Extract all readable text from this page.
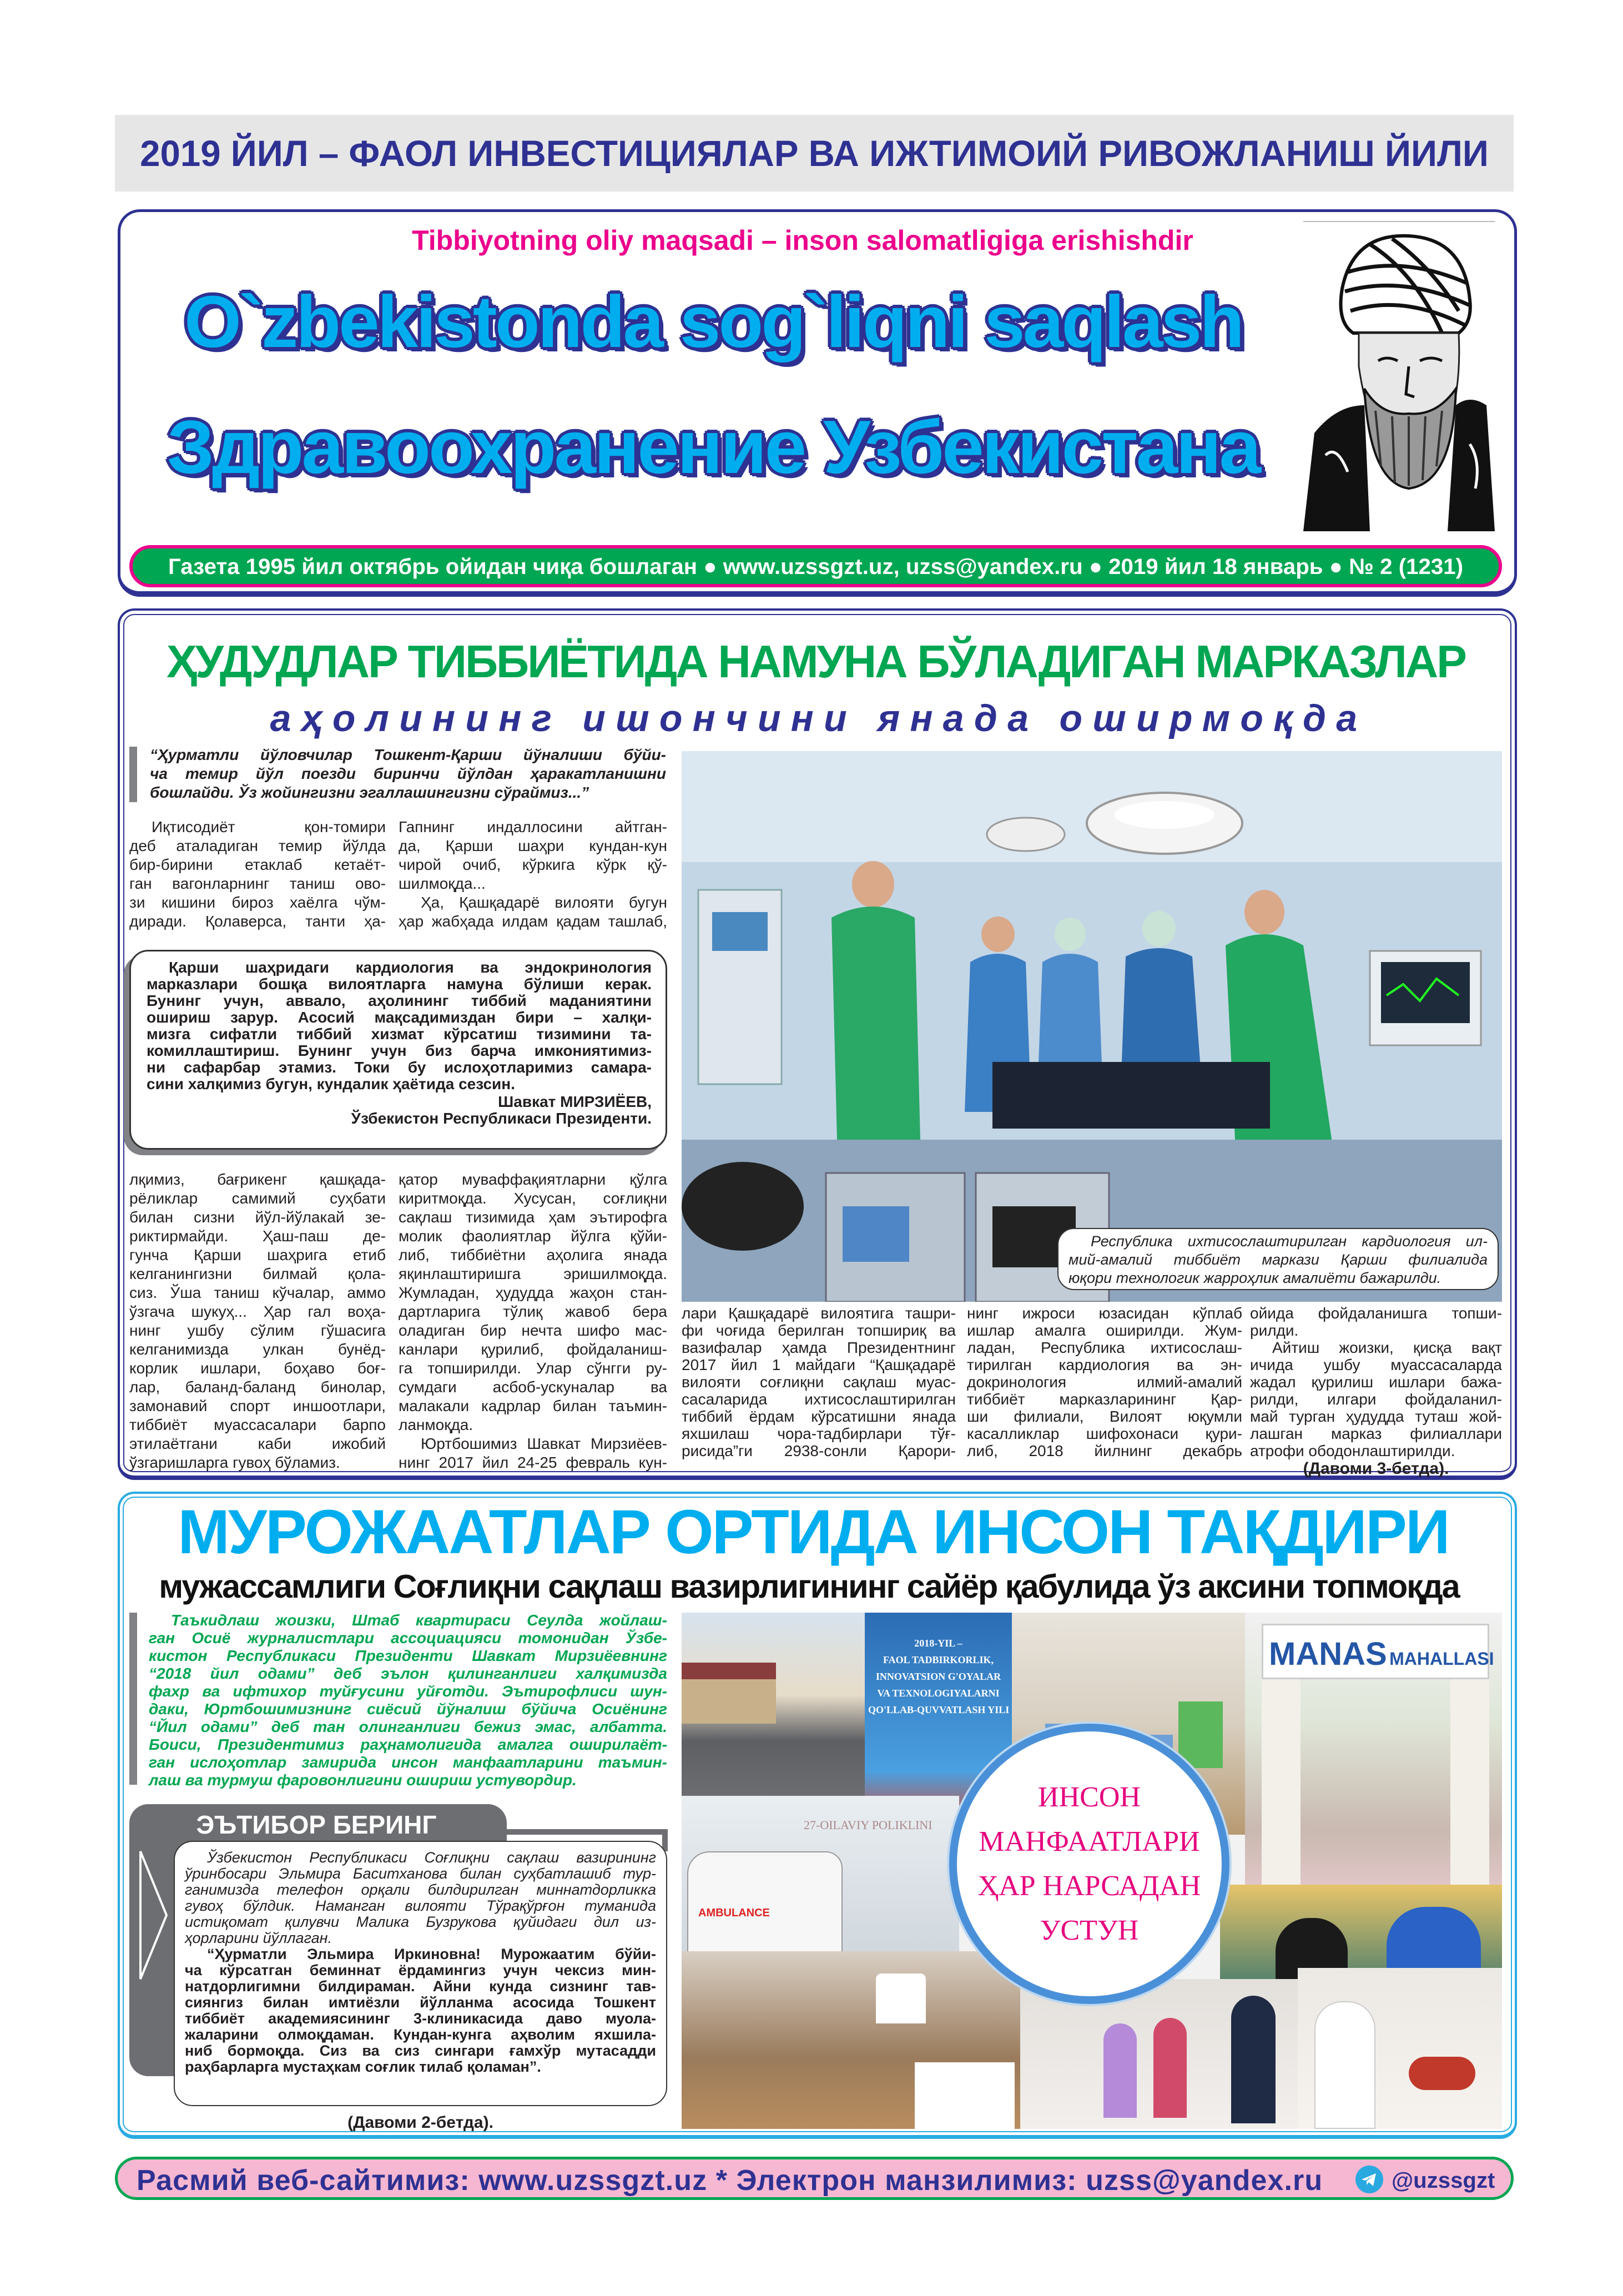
2019 ЙИЛ – ФАОЛ ИНВЕСТИЦИЯЛАР ВА ИЖТИМОИЙ РИВОЖЛАНИШ ЙИЛИ
Tibbiyotning oliy maqsadi – inson salomatligiga erishishdir
O`zbekistonda sog`liqni saqlash
Здравоохранение Узбекистана
Газета 1995 йил октябрь ойидан чиқа бошлаган ● www.uzssgzt.uz, uzss@yandex.ru ● 2019 йил 18 январь ● № 2 (1231)
ҲУДУДЛАР ТИББИЁТИДА НАМУНА БЎЛАДИГАН МАРКАЗЛАР
аҳолининг ишончини янада оширмоқда
“Ҳурматли йўловчилар Тошкент-Қарши йўналиши бўйи-
ча темир йўл поезди биринчи йўлдан ҳаракатланишни
бошлайди. Ўз жойингизни эгаллашингизни сўраймиз...”
Иқтисодиёт қон-томири
деб аталадиган темир йўлда
бир-бирини етаклаб кетаёт-
ган вагонларнинг таниш ово-
зи кишини бироз хаёлга чўм-
диради. Қолаверса, танти ҳа-
Гапнинг индаллосини айтган-
да, Қарши шаҳри кундан-кун
чирой очиб, кўркига кўрк қў-
шилмоқда...
Ҳа, Қашқадарё вилояти бугун
ҳар жабҳада илдам қадам ташлаб,
Қарши шаҳридаги кардиология ва эндокринология
марказлари бошқа вилоятларга намуна бўлиши керак.
Бунинг учун, аввало, аҳолининг тиббий маданиятини
ошириш зарур. Асосий мақсадимиздан бири – халқи-
мизга сифатли тиббий хизмат кўрсатиш тизимини та-
комиллаштириш. Бунинг учун биз барча имкониятимиз-
ни сафарбар этамиз. Токи бу ислоҳотларимиз самара-
сини халқимиз бугун, кундалик ҳаётида сезсин.
Шавкат МИРЗИЁЕВ,
Ўзбекистон Республикаси Президенти.
лқимиз, бағрикенг қашқада-
рёликлар самимий суҳбати
билан сизни йўл-йўлакай зе-
риктирмайди. Ҳаш-паш де-
гунча Қарши шаҳрига етиб
келганингизни билмай қола-
сиз. Ўша таниш кўчалар, аммо
ўзгача шукуҳ... Ҳар гал воҳа-
нинг ушбу сўлим гўшасига
келганимизда улкан бунёд-
корлик ишлари, боҳаво боғ-
лар, баланд-баланд бинолар,
замонавий спорт иншоотлари,
тиббиёт муассасалари барпо
этилаётгани каби ижобий
ўзгаришларга гувоҳ бўламиз.
қатор муваффақиятларни қўлга
киритмоқда. Хусусан, соғлиқни
сақлаш тизимида ҳам эътирофга
молик фаолиятлар йўлга қўйи-
либ, тиббиётни аҳолига янада
яқинлаштиришга эришилмоқда.
Жумладан, ҳудудда жаҳон стан-
дартларига тўлиқ жавоб бера
оладиган бир нечта шифо мас-
канлари қурилиб, фойдаланиш-
га топширилди. Улар сўнгги ру-
сумдаги асбоб-ускуналар ва
малакали кадрлар билан таъмин-
ланмоқда.
Юртбошимиз Шавкат Мирзиёев-
нинг 2017 йил 24-25 февраль кун-
Республика ихтисослаштирилган кардиология ил-
мий-амалий тиббиёт маркази Қарши филиалида
юқори технологик жарроҳлик амалиёти бажарилди.
лари Қашқадарё вилоятига ташри-
фи чоғида берилган топшириқ ва
вазифалар ҳамда Президентнинг
2017 йил 1 майдаги “Қашқадарё
вилояти соғлиқни сақлаш муас-
сасаларида ихтисослаштирилган
тиббий ёрдам кўрсатишни янада
яхшилаш чора-тадбирлари тўғ-
рисида”ги 2938-сонли Қарори-
нинг ижроси юзасидан кўплаб
ишлар амалга оширилди. Жум-
ладан, Республика ихтисослаш-
тирилган кардиология ва эн-
докринология илмий-амалий
тиббиёт марказларининг Қар-
ши филиали, Вилоят юқумли
касалликлар шифохонаси қури-
либ, 2018 йилнинг декабрь
ойида фойдаланишга топши-
рилди.
Айтиш жоизки, қисқа вақт
ичида ушбу муассасаларда
жадал қурилиш ишлари бажа-
рилди, илгари фойдаланил-
май турган ҳудудда туташ жой-
лашган марказ филиаллари
атрофи ободонлаштирилди.
(Давоми 3-бетда).
МУРОЖААТЛАР ОРТИДА ИНСОН ТАҚДИРИ
мужассамлиги Соғлиқни сақлаш вазирлигининг сайёр қабулида ўз аксини топмоқда
Таъкидлаш жоизки, Штаб квартираси Сеулда жойлаш-
ган Осиё журналистлари ассоциацияси томонидан Ўзбе-
кистон Республикаси Президенти Шавкат Мирзиёевнинг
“2018 йил одами” деб эълон қилинганлиги халқимизда
фахр ва ифтихор туйғусини уйғотди. Эътирофлиси шун-
даки, Юртбошимизнинг сиёсий йўналиш бўйича Осиёнинг
“Йил одами” деб тан олинганлиги бежиз эмас, албатта.
Боиси, Президентимиз раҳнамолигида амалга оширилаёт-
ган ислоҳотлар замирида инсон манфаатларини таъмин-
лаш ва турмуш фаровонлигини ошириш устувордир.
ЭЪТИБОР БЕРИНГ
Ўзбекистон Республикаси Соғлиқни сақлаш вазирининг
ўринбосари Эльмира Баситханова билан суҳбатлашиб тур-
ганимизда телефон орқали билдирилган миннатдорликка
гувоҳ бўлдик. Наманган вилояти Тўрақўрғон туманида
истиқомат қилувчи Малика Бузрукова қуйидаги дил из-
ҳорларини йўллаган.
“Ҳурматли Эльмира Иркиновна! Мурожаатим бўйи-
ча кўрсатган беминнат ёрдамингиз учун чексиз мин-
натдорлигимни билдираман. Айни кунда сизнинг тав-
сиянгиз билан имтиёзли йўлланма асосида Тошкент
тиббиёт академиясининг 3-клиникасида даво муола-
жаларини олмоқдаман. Кундан-кунга аҳволим яхшила-
ниб бормоқда. Сиз ва сиз сингари ғамхўр мутасадди
раҳбарларга мустаҳкам соғлик тилаб қоламан”.
(Давоми 2-бетда).
2018-YIL –
FAOL TADBIRKORLIK,
INNOVATSION G'OYALAR
VA TEXNOLOGIYALARNI
QO'LLAB-QUVVATLASH YILI
MANAS MAHALLASI
27-OILAVIY POLIKLINI
AMBULANCE
ИНСОН
МАНФААТЛАРИ
ҲАР НАРСАДАН
УСТУН
Расмий веб-сайтимиз: www.uzssgzt.uz * Электрон манзилимиз: uzss@yandex.ru	@uzssgzt
